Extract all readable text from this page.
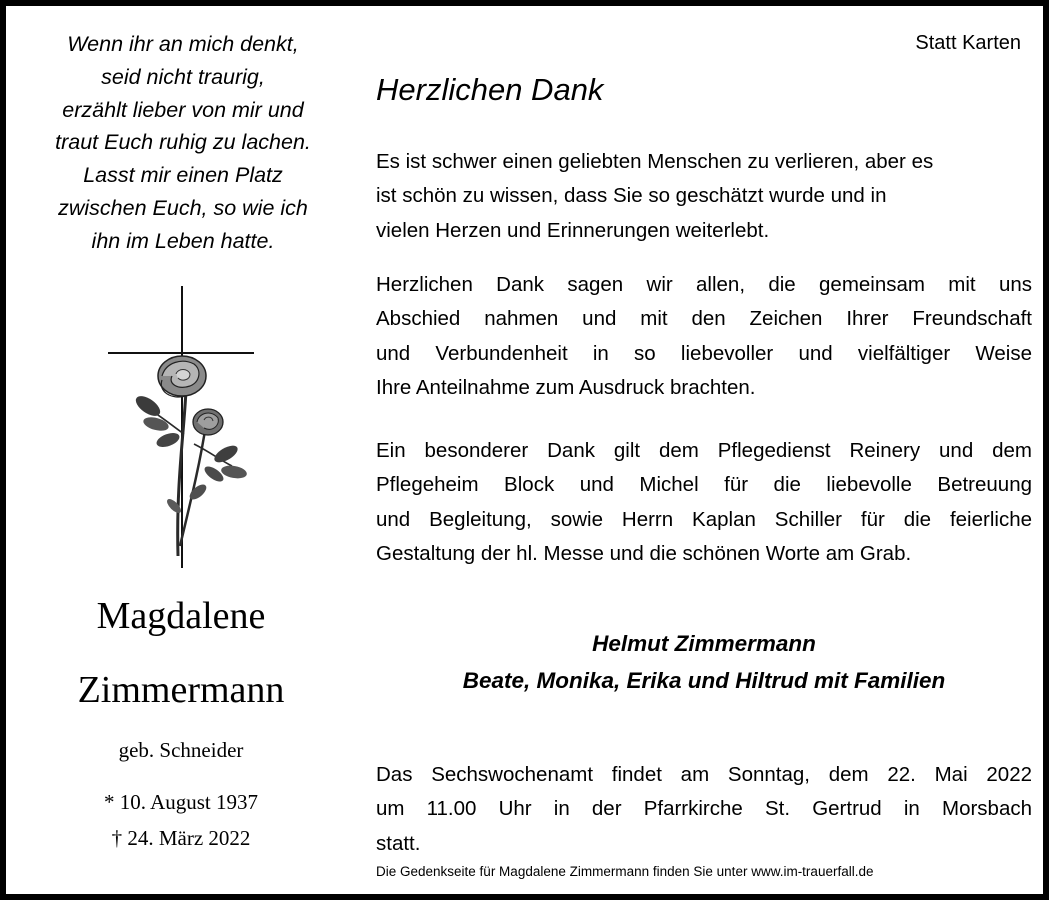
Wenn ihr an mich denkt,
seid nicht traurig,
erzählt lieber von mir und
traut Euch ruhig zu lachen.
Lasst mir einen Platz
zwischen Euch, so wie ich
ihn im Leben hatte.
Magdalene
Zimmermann
geb. Schneider
* 10. August 1937
† 24. März 2022
Statt Karten
Herzlichen Dank
Es ist schwer einen geliebten Menschen zu verlieren, aber es
ist schön zu wissen, dass Sie so geschätzt wurde und in
vielen Herzen und Erinnerungen weiterlebt.
Herzlichen Dank sagen wir allen, die gemeinsam mit uns
Abschied nahmen und mit den Zeichen Ihrer Freundschaft
und Verbundenheit in so liebevoller und vielfältiger Weise
Ihre Anteilnahme zum Ausdruck brachten.
Ein besonderer Dank gilt dem Pflegedienst Reinery und dem
Pflegeheim Block und Michel für die liebevolle Betreuung
und Begleitung, sowie Herrn Kaplan Schiller für die feierliche
Gestaltung der hl. Messe und die schönen Worte am Grab.
Helmut Zimmermann
Beate, Monika, Erika und Hiltrud mit Familien
Das Sechswochenamt findet am Sonntag, dem 22. Mai 2022
um 11.00 Uhr in der Pfarrkirche St. Gertrud in Morsbach
statt.
Die Gedenkseite für Magdalene Zimmermann finden Sie unter www.im-trauerfall.de
